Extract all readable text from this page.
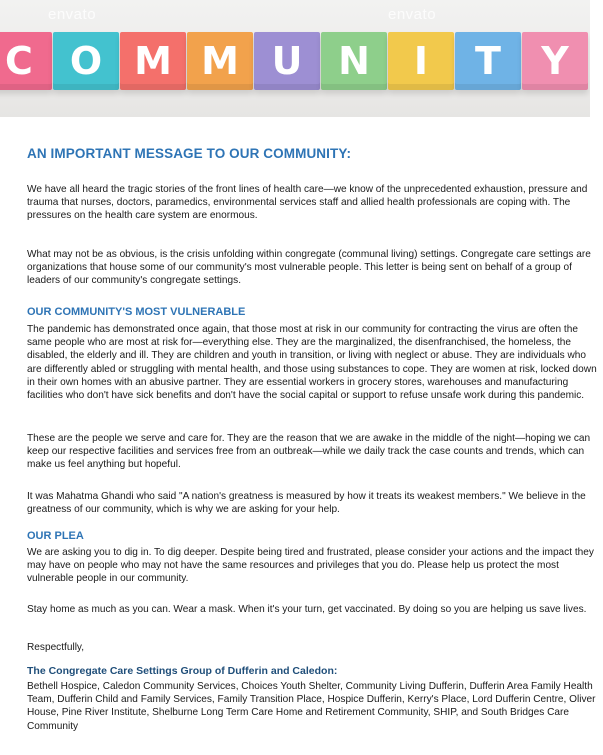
envato	envato
C O M M U N	I	T	Y
AN IMPORTANT MESSAGE TO OUR COMMUNITY:

We have all heard the tragic stories of the front lines of health care—we know of the unprecedented exhaustion, pressure and trauma that nurses, doctors, paramedics, environmental services staff and allied health professionals are coping with. The pressures on the health care system are enormous.

What may not be as obvious, is the crisis unfolding within congregate (communal living) settings. Congregate care settings are organizations that house some of our community's most vulnerable people. This letter is being sent on behalf of a group of leaders of our community's congregate settings.

OUR COMMUNITY'S MOST VULNERABLE

The pandemic has demonstrated once again, that those most at risk in our community for contracting the virus are often the same people who are most at risk for—everything else. They are the marginalized, the disenfranchised, the homeless, the disabled, the elderly and ill. They are children and youth in transition, or living with neglect or abuse. They are individuals who are differently abled or struggling with mental health, and those using substances to cope. They are women at risk, locked down in their own homes with an abusive partner. They are essential workers in grocery stores, warehouses and manufacturing facilities who don't have sick benefits and don't have the social capital or support to refuse unsafe work during this pandemic.

These are the people we serve and care for. They are the reason that we are awake in the middle of the night—hoping we can keep our respective facilities and services free from an outbreak—while we daily track the case counts and trends, which can make us feel anything but hopeful.

It was Mahatma Ghandi who said "A nation's greatness is measured by how it treats its weakest members." We believe in the greatness of our community, which is why we are asking for your help.

OUR PLEA

We are asking you to dig in. To dig deeper. Despite being tired and frustrated, please consider your actions and the impact they may have on people who may not have the same resources and privileges that you do. Please help us protect the most vulnerable people in our community.

Stay home as much as you can. Wear a mask. When it's your turn, get vaccinated. By doing so you are helping us save lives.

Respectfully,

The Congregate Care Settings Group of Dufferin and Caledon:

Bethell Hospice, Caledon Community Services, Choices Youth Shelter, Community Living Dufferin, Dufferin Area Family Health Team, Dufferin Child and Family Services, Family Transition Place, Hospice Dufferin, Kerry's Place, Lord Dufferin Centre, Oliver House, Pine River Institute, Shelburne Long Term Care Home and Retirement Community, SHIP, and South Bridges Care Community
